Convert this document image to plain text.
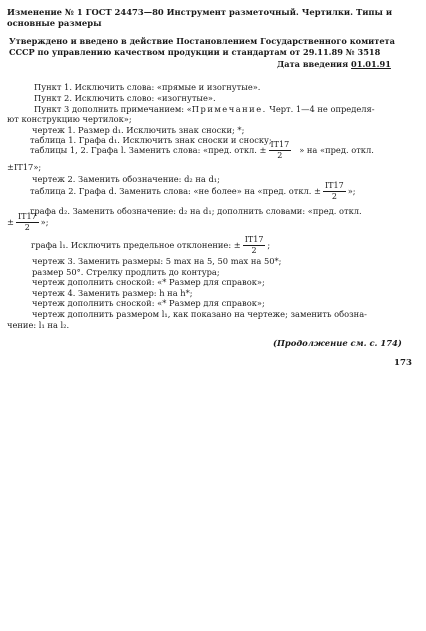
Изменение № 1 ГОСТ 24473—80 Инструмент разметочный. Чертилки. Типы и
основные размеры
Утверждено и введено в действие Постановлением Государственного комитета
СССР по управлению качеством продукции и стандартам от 29.11.89 № 3518
Дата введения 01.01.91
Пункт 1. Исключить слова: «прямые и изогнутые».
Пункт 2. Исключить слово: «изогнутые».
Пункт 3 дополнить примечанием: «Примечание. Черт. 1—4 не определя-
ют конструкцию чертилок»;
чертеж 1. Размер d₁. Исключить знак сноски; *;
таблица 1. Графа d₁. Исключить знак сноски и сноску;
таблицы 1, 2. Графа l. Заменить слова: «пред. откл. ± $\frac{IT17}{2}$ » на «пред. откл.
±IT17»;
чертеж 2. Заменить обозначение: d₂ на d₁;
таблица 2. Графа d. Заменить слова: «не более» на «пред. откл. ± $\frac{IT17}{2}$ »;
графа d₂. Заменить обозначение: d₂ на d₁; дополнить словами: «пред. откл.
± $\frac{IT17}{2}$ »;
графа l₁. Исключить предельное отклонение: ± $\frac{IT17}{2}$ ;
чертеж 3. Заменить размеры: 5 max на 5, 50 max на 50*;
размер 50°. Стрелку продлить до контура;
чертеж дополнить сноской: «* Размер для справок»;
чертеж 4. Заменить размер: h на h*;
чертеж дополнить сноской: «* Размер для справок»;
чертеж дополнить размером l₁, как показано на чертеже; заменить обозна-
чение: l₁ на l₂.
(Продолжение см. с. 174)
173
